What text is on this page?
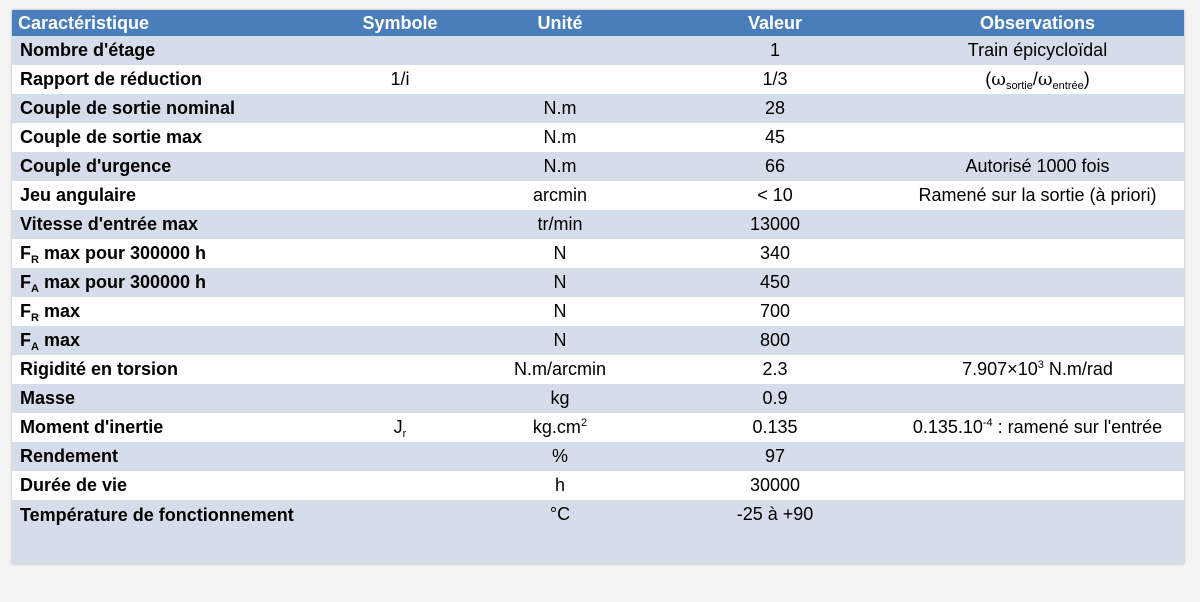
Caractéristique	Symbole	Unité	Valeur	Observations
Nombre d'étage			1	Train épicycloïdal
Rapport de réduction	1/i		1/3	$(\omega_{sortie}/\omega_{entrée})$
Couple de sortie nominal		N.m	28	
Couple de sortie max		N.m	45	
Couple d'urgence		N.m	66	Autorisé 1000 fois
Jeu angulaire		arcmin	< 10	Ramené sur la sortie (à priori)
Vitesse d'entrée max		tr/min	13000	
$F_R$ max pour 300000 h		N	340	
$F_A$ max pour 300000 h		N	450	
$F_R$ max		N	700	
$F_A$ max		N	800	
Rigidité en torsion		N.m/arcmin	2.3	$7.907\times 10^3$ N.m/rad
Masse		kg	0.9	
Moment d'inertie	$J_r$	$kg.cm^2$	0.135	$0.135.10^{-4}$ : ramené sur l'entrée
Rendement		%	97	
Durée de vie		h	30000	
Température de fonctionnement		°C	-25 à +90	
